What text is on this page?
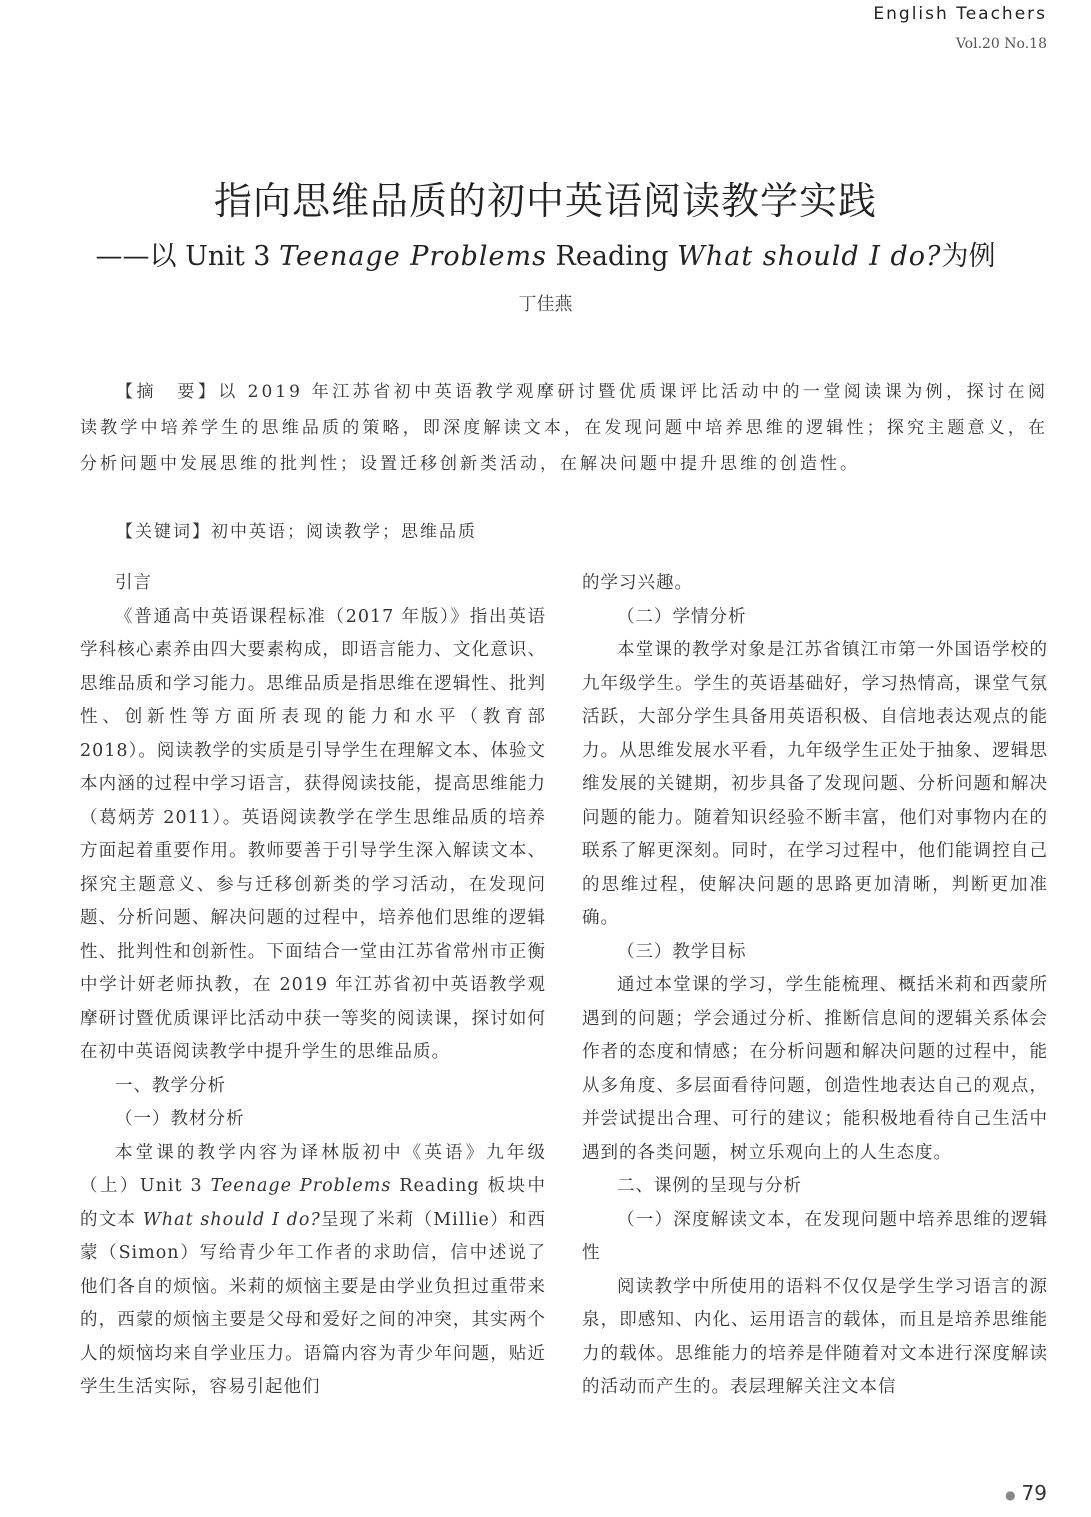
English Teachers
Vol.20 No.18
指向思维品质的初中英语阅读教学实践
——以 Unit 3 Teenage Problems Reading What should I do?为例
丁佳燕

【摘　要】以 2019 年江苏省初中英语教学观摩研讨暨优质课评比活动中的一堂阅读课为例，探讨在阅读教学中培养学生的思维品质的策略，即深度解读文本，在发现问题中培养思维的逻辑性；探究主题意义，在分析问题中发展思维的批判性；设置迁移创新类活动，在解决问题中提升思维的创造性。

【关键词】初中英语；阅读教学；思维品质

引言

《普通高中英语课程标准（2017 年版）》指出英语学科核心素养由四大要素构成，即语言能力、文化意识、思维品质和学习能力。思维品质是指思维在逻辑性、批判性、创新性等方面所表现的能力和水平（教育部 2018）。阅读教学的实质是引导学生在理解文本、体验文本内涵的过程中学习语言，获得阅读技能，提高思维能力（葛炳芳 2011）。英语阅读教学在学生思维品质的培养方面起着重要作用。教师要善于引导学生深入解读文本、探究主题意义、参与迁移创新类的学习活动，在发现问题、分析问题、解决问题的过程中，培养他们思维的逻辑性、批判性和创新性。下面结合一堂由江苏省常州市正衡中学计妍老师执教，在 2019 年江苏省初中英语教学观摩研讨暨优质课评比活动中获一等奖的阅读课，探讨如何在初中英语阅读教学中提升学生的思维品质。

一、教学分析

（一）教材分析

本堂课的教学内容为译林版初中《英语》九年级（上）Unit 3 Teenage Problems Reading 板块中的文本 What should I do?呈现了米莉（Millie）和西蒙（Simon）写给青少年工作者的求助信，信中述说了他们各自的烦恼。米莉的烦恼主要是由学业负担过重带来的，西蒙的烦恼主要是父母和爱好之间的冲突，其实两个人的烦恼均来自学业压力。语篇内容为青少年问题，贴近学生生活实际，容易引起他们

的学习兴趣。

（二）学情分析

本堂课的教学对象是江苏省镇江市第一外国语学校的九年级学生。学生的英语基础好，学习热情高，课堂气氛活跃，大部分学生具备用英语积极、自信地表达观点的能力。从思维发展水平看，九年级学生正处于抽象、逻辑思维发展的关键期，初步具备了发现问题、分析问题和解决问题的能力。随着知识经验不断丰富，他们对事物内在的联系了解更深刻。同时，在学习过程中，他们能调控自己的思维过程，使解决问题的思路更加清晰，判断更加准确。

（三）教学目标

通过本堂课的学习，学生能梳理、概括米莉和西蒙所遇到的问题；学会通过分析、推断信息间的逻辑关系体会作者的态度和情感；在分析问题和解决问题的过程中，能从多角度、多层面看待问题，创造性地表达自己的观点，并尝试提出合理、可行的建议；能积极地看待自己生活中遇到的各类问题，树立乐观向上的人生态度。

二、课例的呈现与分析

（一）深度解读文本，在发现问题中培养思维的逻辑性

阅读教学中所使用的语料不仅仅是学生学习语言的源泉，即感知、内化、运用语言的载体，而且是培养思维能力的载体。思维能力的培养是伴随着对文本进行深度解读的活动而产生的。表层理解关注文本信

● 79
